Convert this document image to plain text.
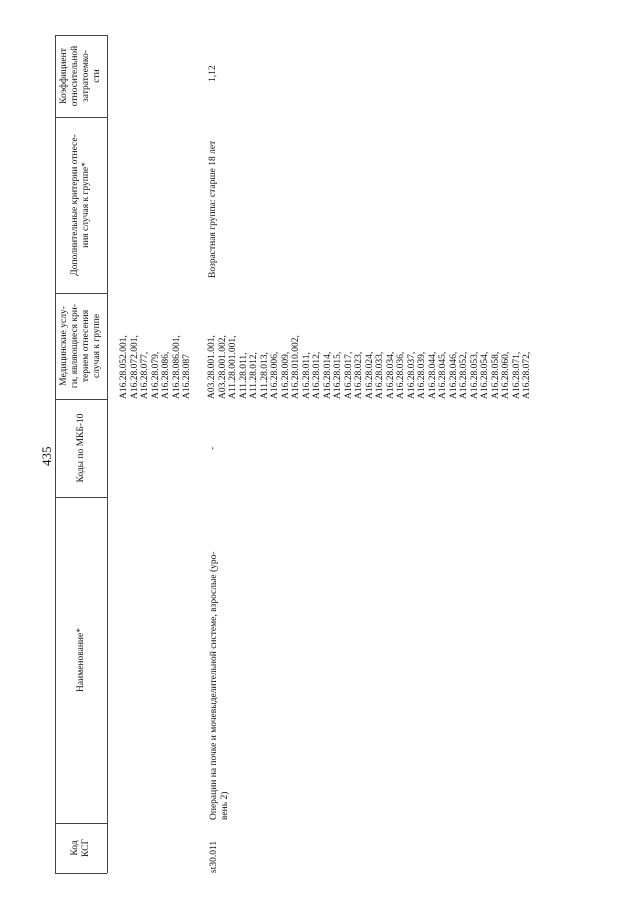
435
Коэффициент относительной затратоемко- сти
Дополнительные критерии отнесе- ния случая к группе*
Медицинские услу- ги, являющиеся кри- терием отнесения случая к группе
Коды по МКБ-10
Наименование*
Код КСГ
A16.28.052.001, A16.28.072.001, A16.28.077, A16.28.079, A16.28.086, A16.28.086.001, A16.28.087
st30.011
Операции на почке и мочевыделительной системе, взрослые (уро- вень 2)
-
A03.28.001.001, A03.28.001.002, A11.28.001.001, A11.28.011, A11.28.012, A11.28.013, A16.28.006, A16.28.009, A16.28.010.002, A16.28.011, A16.28.012, A16.28.014, A16.28.015, A16.28.017, A16.28.023, A16.28.024, A16.28.033, A16.28.034, A16.28.036, A16.28.037, A16.28.039, A16.28.044, A16.28.045, A16.28.046, A16.28.052, A16.28.053, A16.28.054, A16.28.058, A16.28.060, A16.28.071, A16.28.072,
Возрастная группа: старше 18 лет
1,12
